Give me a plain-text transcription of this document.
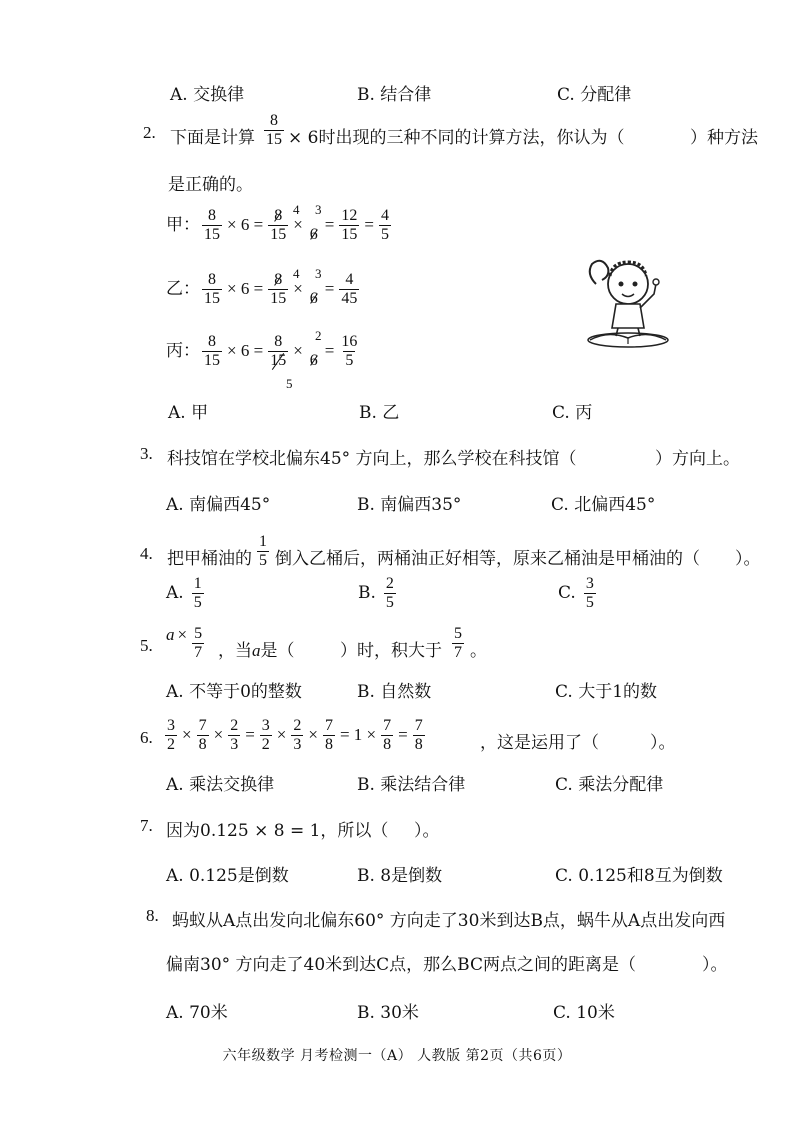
A. 交换律	B. 结合律	C. 分配律
2. 下面是计算 $\frac{8}{15} \times 6$时出现的三种不同的计算方法，你认为（	）种方法
是正确的。
甲： $\frac{8}{15} \times 6 = \frac{8}{15}$ ×
$6 = \frac{12}{15} = \frac{4}{5}$
4 3
乙： $\frac{8}{15} \times 6 = \frac{8}{15}$ ×
$6 = \frac{4}{45}$
4 3
丙： $\frac{8}{15} \times 6 = \frac{8}{15}$ ×
$6 = \frac{16}{5}$
2
5
A. 甲	B. 乙	C. 丙
3. 科技馆在学校北偏东45° 方向上，那么学校在科技馆（	）方向上。
A. 南偏西45°	B. 南偏西35°	C. 北偏西45°
4. 把甲桶油的 $\frac{1}{5}$ 倒入乙桶后，两桶油正好相等，原来乙桶油是甲桶油的（ ）。
A. $\frac{1}{5}$	B. $\frac{2}{5}$	C. $\frac{3}{5}$
5.
$a \times \frac{5}{7}$ ，当a是（	）时，积大于 $\frac{5}{7}$ 。
A. 不等于0的整数	B. 自然数	C. 大于1的数
6. $\frac{3}{2} \times \frac{7}{8} \times \frac{2}{3} = \frac{3}{2} \times \frac{2}{3} \times \frac{7}{8} = 1 \times \frac{7}{8} = \frac{7}{8}$	，这是运用了（	）。
A. 乘法交换律	B. 乘法结合律	C. 乘法分配律
7. 因为0.125 × 8 = 1，所以（ ）。
A. 0.125是倒数	B. 8是倒数	C. 0.125和8互为倒数
8. 蚂蚁从A点出发向北偏东60° 方向走了30米到达B点，蜗牛从A点出发向西
偏南30° 方向走了40米到达C点，那么BC两点之间的距离是（	）。
A. 70米	B. 30米	C. 10米
六年级数学 月考检测一（A） 人教版 第2页（共6页）
